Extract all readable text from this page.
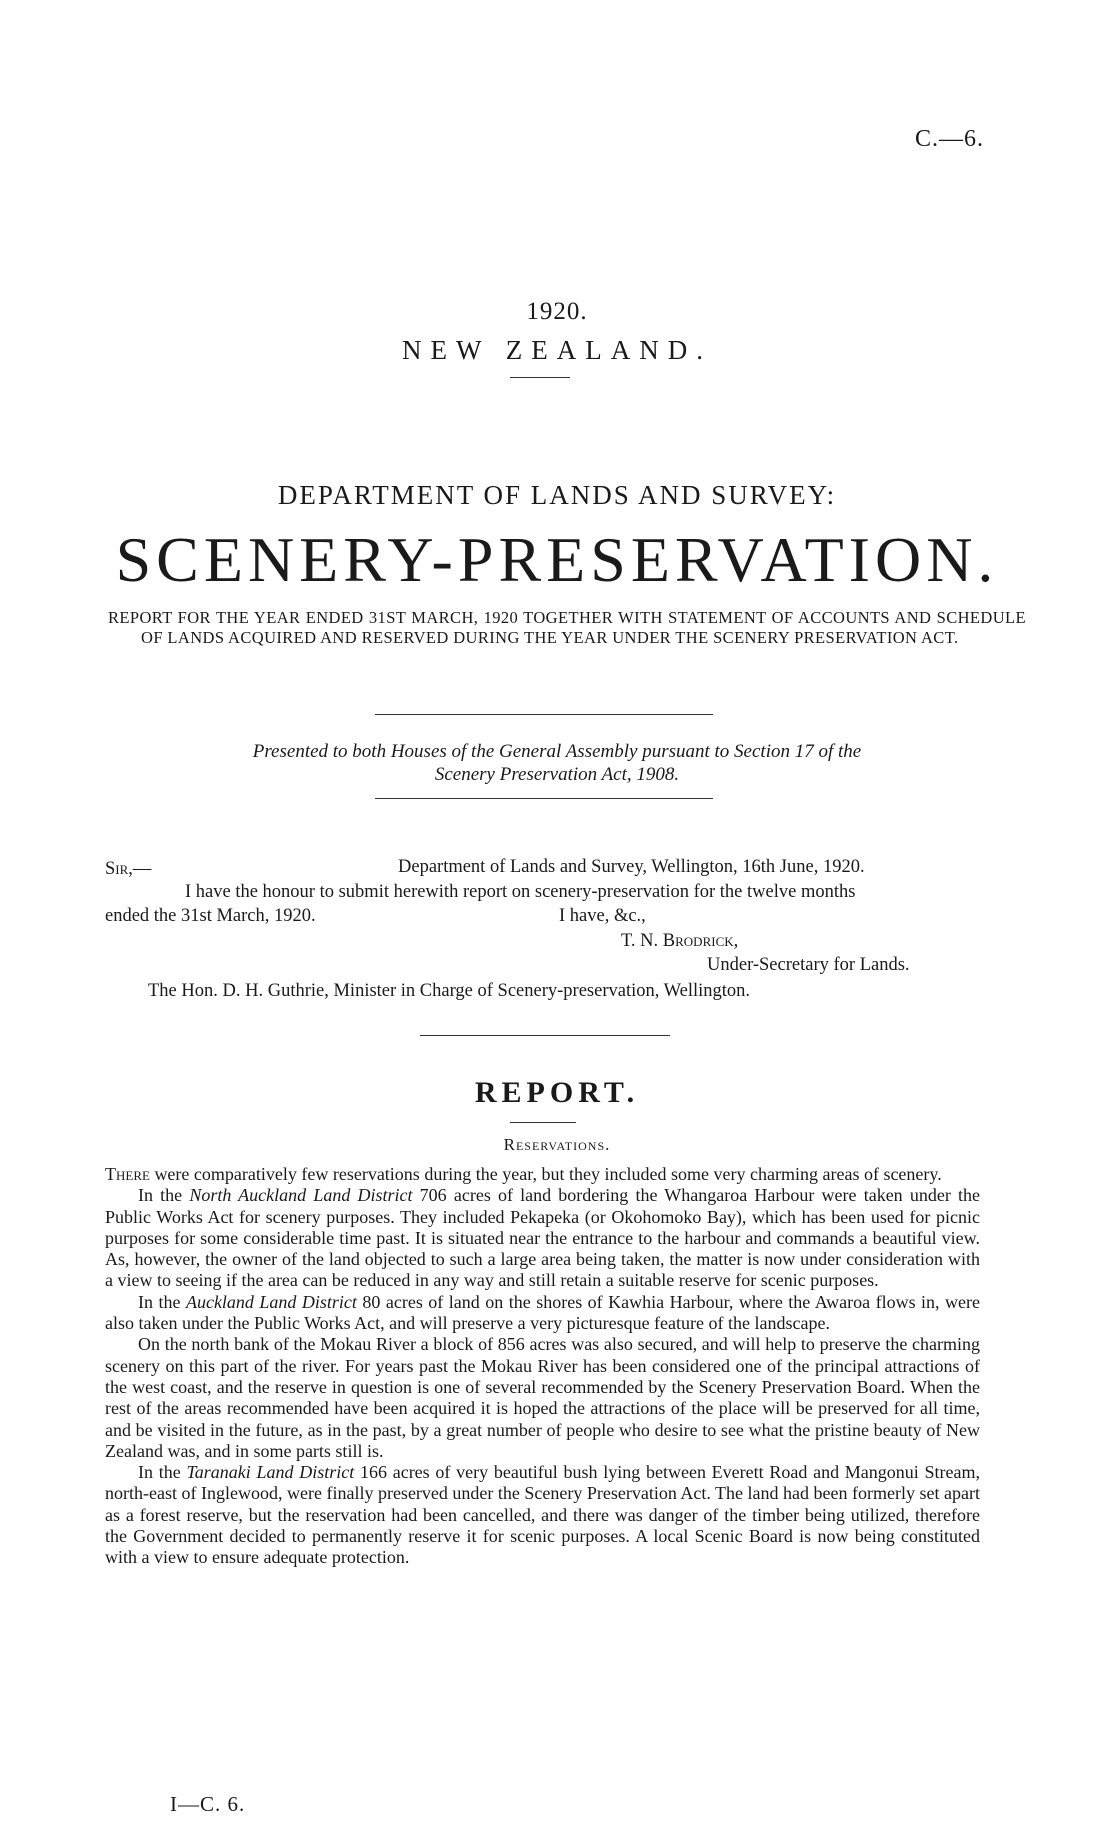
C.—6.
1920.
NEW ZEALAND.
DEPARTMENT OF LANDS AND SURVEY:
SCENERY-PRESERVATION.
REPORT FOR THE YEAR ENDED 31ST MARCH, 1920 TOGETHER WITH STATEMENT OF ACCOUNTS AND SCHEDULE OF LANDS ACQUIRED AND RESERVED DURING THE YEAR UNDER THE SCENERY PRESERVATION ACT.
Presented to both Houses of the General Assembly pursuant to Section 17 of the
Scenery Preservation Act, 1908.
Sir,—	Department of Lands and Survey, Wellington, 16th June, 1920.
I have the honour to submit herewith report on scenery-preservation for the twelve months
ended the 31st March, 1920.	I have, &c.,
T. N. Brodrick,
Under-Secretary for Lands.
The Hon. D. H. Guthrie, Minister in Charge of Scenery-preservation, Wellington.
REPORT.
Reservations.

There were comparatively few reservations during the year, but they included some very charming areas of scenery.

In the North Auckland Land District 706 acres of land bordering the Whangaroa Harbour were taken under the Public Works Act for scenery purposes. They included Pekapeka (or Okohomoko Bay), which has been used for picnic purposes for some considerable time past. It is situated near the entrance to the harbour and commands a beautiful view. As, however, the owner of the land objected to such a large area being taken, the matter is now under consideration with a view to seeing if the area can be reduced in any way and still retain a suitable reserve for scenic purposes.

In the Auckland Land District 80 acres of land on the shores of Kawhia Harbour, where the Awaroa flows in, were also taken under the Public Works Act, and will preserve a very picturesque feature of the landscape.

On the north bank of the Mokau River a block of 856 acres was also secured, and will help to preserve the charming scenery on this part of the river. For years past the Mokau River has been considered one of the principal attractions of the west coast, and the reserve in question is one of several recommended by the Scenery Preservation Board. When the rest of the areas recommended have been acquired it is hoped the attractions of the place will be preserved for all time, and be visited in the future, as in the past, by a great number of people who desire to see what the pristine beauty of New Zealand was, and in some parts still is.

In the Taranaki Land District 166 acres of very beautiful bush lying between Everett Road and Mangonui Stream, north-east of Inglewood, were finally preserved under the Scenery Preservation Act. The land had been formerly set apart as a forest reserve, but the reservation had been cancelled, and there was danger of the timber being utilized, therefore the Government decided to permanently reserve it for scenic purposes. A local Scenic Board is now being constituted with a view to ensure adequate protection.

I—C. 6.
